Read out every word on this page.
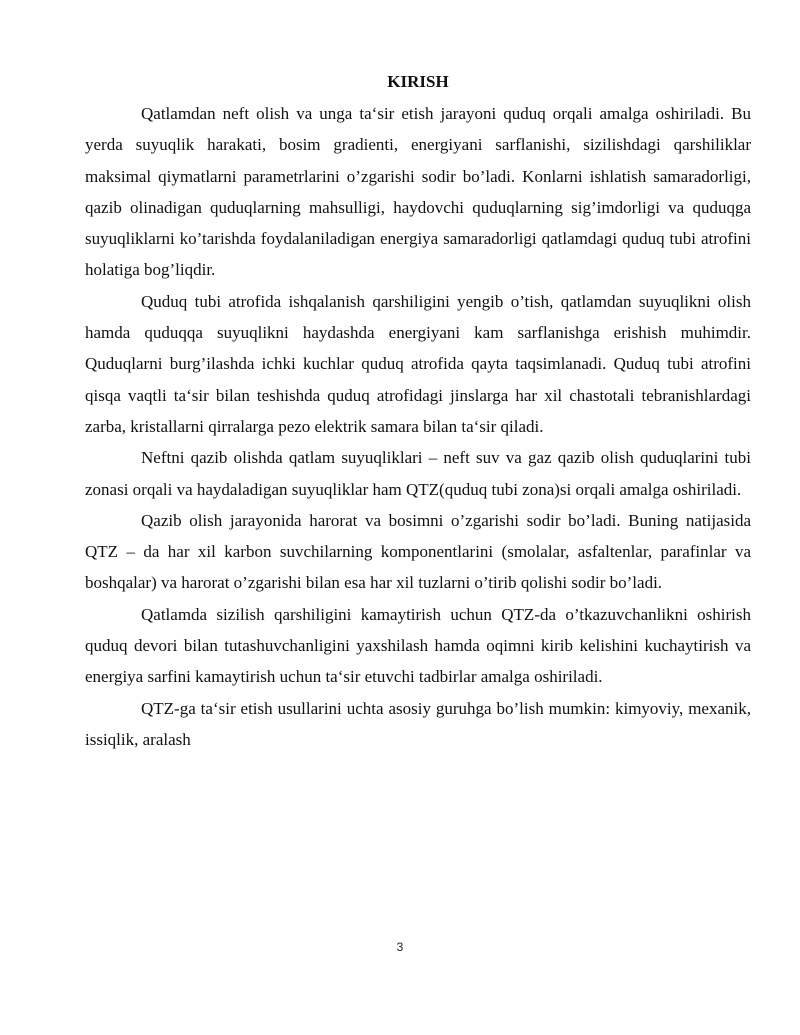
KIRISH

Qatlamdan neft olish va unga taʻsir etish jarayoni quduq orqali amalga oshiriladi. Bu yerda suyuqlik harakati, bosim gradienti, energiyani sarflanishi, sizilishdagi qarshiliklar maksimal qiymatlarni parametrlarini o’zgarishi sodir bo’ladi. Konlarni ishlatish samaradorligi, qazib olinadigan quduqlarning mahsulligi, haydovchi quduqlarning sig’imdorligi va quduqga suyuqliklarni ko’tarishda foydalaniladigan energiya samaradorligi qatlamdagi quduq tubi atrofini holatiga bog’liqdir.

Quduq tubi atrofida ishqalanish qarshiligini yengib o’tish, qatlamdan suyuqlikni olish hamda quduqqa suyuqlikni haydashda energiyani kam sarflanishga erishish muhimdir. Quduqlarni burg’ilashda ichki kuchlar quduq atrofida qayta taqsimlanadi. Quduq tubi atrofini qisqa vaqtli taʻsir bilan teshishda quduq atrofidagi jinslarga har xil chastotali tebranishlardagi zarba, kristallarni qirralarga pezo elektrik samara bilan taʻsir qiladi.

Neftni qazib olishda qatlam suyuqliklari – neft suv va gaz qazib olish quduqlarini tubi zonasi orqali va haydaladigan suyuqliklar ham QTZ(quduq tubi zona)si orqali amalga oshiriladi.

Qazib olish jarayonida harorat va bosimni o’zgarishi sodir bo’ladi. Buning natijasida QTZ – da har xil karbon suvchilarning komponentlarini (smolalar, asfaltenlar, parafinlar va boshqalar) va harorat o’zgarishi bilan esa har xil tuzlarni o’tirib qolishi sodir bo’ladi.

Qatlamda sizilish qarshiligini kamaytirish uchun QTZ-da o’tkazuvchanlikni oshirish quduq devori bilan tutashuvchanligini yaxshilash hamda oqimni kirib kelishini kuchaytirish va energiya sarfini kamaytirish uchun taʻsir etuvchi tadbirlar amalga oshiriladi.

QTZ-ga taʻsir etish usullarini uchta asosiy guruhga bo’lish mumkin: kimyoviy, mexanik, issiqlik, aralash

3
